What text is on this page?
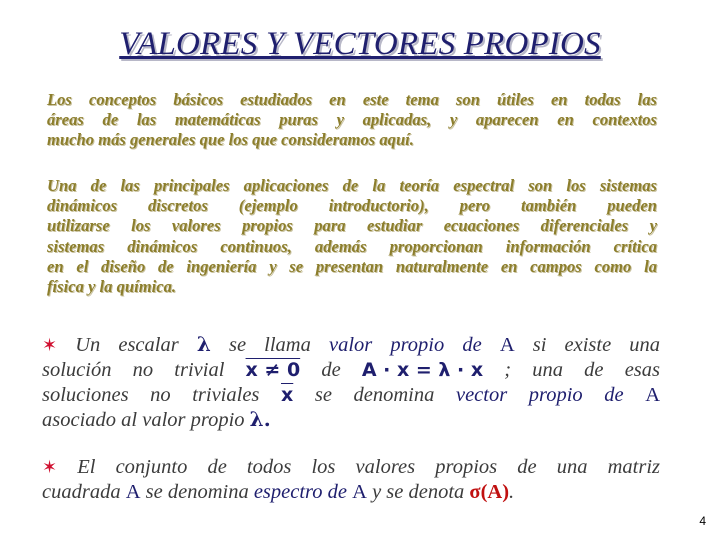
VALORES Y VECTORES PROPIOS
Los conceptos básicos estudiados en este tema son útiles en todas las
áreas de las matemáticas puras y aplicadas, y aparecen en contextos
mucho más generales que los que consideramos aquí.
Una de las principales aplicaciones de la teoría espectral son los sistemas
dinámicos discretos (ejemplo introductorio), pero también pueden
utilizarse los valores propios para estudiar ecuaciones diferenciales y
sistemas dinámicos continuos, además proporcionan información crítica
en el diseño de ingeniería y se presentan naturalmente en campos como la
física y la química.
✶ Un escalar λ se llama valor propio de A si existe una
solución no trivial x ≠ 0 de A · x = λ · x ; una de esas
soluciones no triviales $\overline{x}$ se denomina vector propio de A
asociado al valor propio λ.
✶ El conjunto de todos los valores propios de una matriz
cuadrada A se denomina espectro de A y se denota σ(A).
4
